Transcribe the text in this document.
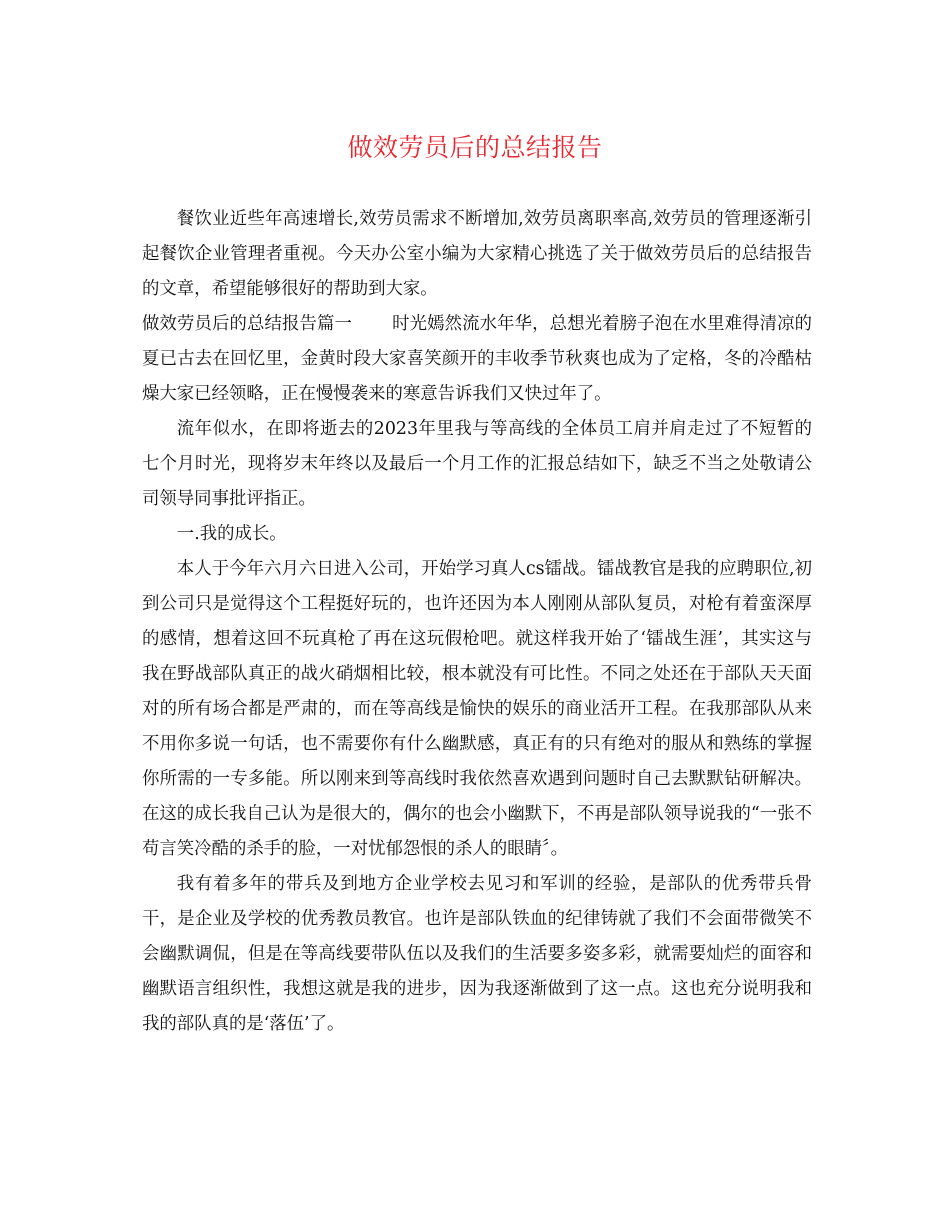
做效劳员后的总结报告

餐饮业近些年高速增长,效劳员需求不断增加,效劳员离职率高,效劳员的管理逐渐引起餐饮企业管理者重视。今天办公室小编为大家精心挑选了关于做效劳员后的总结报告的文章，希望能够很好的帮助到大家。

做效劳员后的总结报告篇一 时光嫣然流水年华，总想光着膀子泡在水里难得清凉的夏已古去在回忆里，金黄时段大家喜笑颜开的丰收季节秋爽也成为了定格，冬的冷酷枯燥大家已经领略，正在慢慢袭来的寒意告诉我们又快过年了。

流年似水，在即将逝去的2023年里我与等高线的全体员工肩并肩走过了不短暂的七个月时光，现将岁末年终以及最后一个月工作的汇报总结如下，缺乏不当之处敬请公司领导同事批评指正。

一.我的成长。

本人于今年六月六日进入公司，开始学习真人cs镭战。镭战教官是我的应聘职位,初到公司只是觉得这个工程挺好玩的，也许还因为本人刚刚从部队复员，对枪有着蛮深厚的感情，想着这回不玩真枪了再在这玩假枪吧。就这样我开始了‘镭战生涯’，其实这与我在野战部队真正的战火硝烟相比较，根本就没有可比性。不同之处还在于部队天天面对的所有场合都是严肃的，而在等高线是愉快的娱乐的商业活开工程。在我那部队从来不用你多说一句话，也不需要你有什么幽默感，真正有的只有绝对的服从和熟练的掌握你所需的一专多能。所以刚来到等高线时我依然喜欢遇到问题时自己去默默钻研解决。在这的成长我自己认为是很大的，偶尔的也会小幽默下，不再是部队领导说我的“一张不苟言笑冷酷的杀手的脸，一对忧郁怨恨的杀人的眼睛〞。

我有着多年的带兵及到地方企业学校去见习和军训的经验，是部队的优秀带兵骨干，是企业及学校的优秀教员教官。也许是部队铁血的纪律铸就了我们不会面带微笑不会幽默调侃，但是在等高线要带队伍以及我们的生活要多姿多彩，就需要灿烂的面容和幽默语言组织性，我想这就是我的进步，因为我逐渐做到了这一点。这也充分说明我和我的部队真的是‘落伍’了。
